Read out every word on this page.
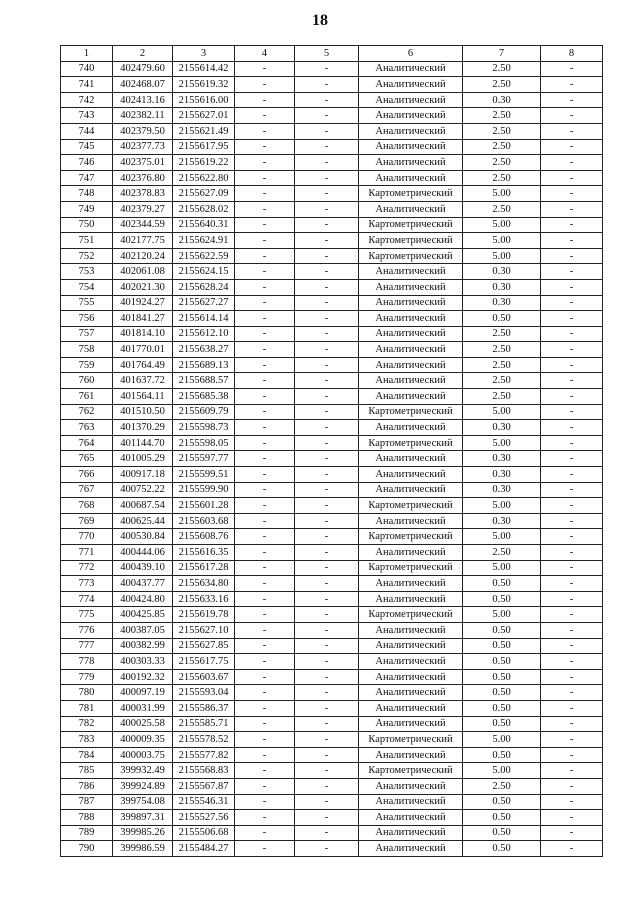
18
1	2	3	4	5	6	7	8
740	402479.60	2155614.42	-	-	Аналитический	2.50	-
741	402468.07	2155619.32	-	-	Аналитический	2.50	-
742	402413.16	2155616.00	-	-	Аналитический	0.30	-
743	402382.11	2155627.01	-	-	Аналитический	2.50	-
744	402379.50	2155621.49	-	-	Аналитический	2.50	-
745	402377.73	2155617.95	-	-	Аналитический	2.50	-
746	402375.01	2155619.22	-	-	Аналитический	2.50	-
747	402376.80	2155622.80	-	-	Аналитический	2.50	-
748	402378.83	2155627.09	-	-	Картометрический	5.00	-
749	402379.27	2155628.02	-	-	Аналитический	2.50	-
750	402344.59	2155640.31	-	-	Картометрический	5.00	-
751	402177.75	2155624.91	-	-	Картометрический	5.00	-
752	402120.24	2155622.59	-	-	Картометрический	5.00	-
753	402061.08	2155624.15	-	-	Аналитический	0.30	-
754	402021.30	2155628.24	-	-	Аналитический	0.30	-
755	401924.27	2155627.27	-	-	Аналитический	0.30	-
756	401841.27	2155614.14	-	-	Аналитический	0.50	-
757	401814.10	2155612.10	-	-	Аналитический	2.50	-
758	401770.01	2155638.27	-	-	Аналитический	2.50	-
759	401764.49	2155689.13	-	-	Аналитический	2.50	-
760	401637.72	2155688.57	-	-	Аналитический	2.50	-
761	401564.11	2155685.38	-	-	Аналитический	2.50	-
762	401510.50	2155609.79	-	-	Картометрический	5.00	-
763	401370.29	2155598.73	-	-	Аналитический	0.30	-
764	401144.70	2155598.05	-	-	Картометрический	5.00	-
765	401005.29	2155597.77	-	-	Аналитический	0.30	-
766	400917.18	2155599.51	-	-	Аналитический	0.30	-
767	400752.22	2155599.90	-	-	Аналитический	0.30	-
768	400687.54	2155601.28	-	-	Картометрический	5.00	-
769	400625.44	2155603.68	-	-	Аналитический	0.30	-
770	400530.84	2155608.76	-	-	Картометрический	5.00	-
771	400444.06	2155616.35	-	-	Аналитический	2.50	-
772	400439.10	2155617.28	-	-	Картометрический	5.00	-
773	400437.77	2155634.80	-	-	Аналитический	0.50	-
774	400424.80	2155633.16	-	-	Аналитический	0.50	-
775	400425.85	2155619.78	-	-	Картометрический	5.00	-
776	400387.05	2155627.10	-	-	Аналитический	0.50	-
777	400382.99	2155627.85	-	-	Аналитический	0.50	-
778	400303.33	2155617.75	-	-	Аналитический	0.50	-
779	400192.32	2155603.67	-	-	Аналитический	0.50	-
780	400097.19	2155593.04	-	-	Аналитический	0.50	-
781	400031.99	2155586.37	-	-	Аналитический	0.50	-
782	400025.58	2155585.71	-	-	Аналитический	0.50	-
783	400009.35	2155578.52	-	-	Картометрический	5.00	-
784	400003.75	2155577.82	-	-	Аналитический	0.50	-
785	399932.49	2155568.83	-	-	Картометрический	5.00	-
786	399924.89	2155567.87	-	-	Аналитический	2.50	-
787	399754.08	2155546.31	-	-	Аналитический	0.50	-
788	399897.31	2155527.56	-	-	Аналитический	0.50	-
789	399985.26	2155506.68	-	-	Аналитический	0.50	-
790	399986.59	2155484.27	-	-	Аналитический	0.50	-
